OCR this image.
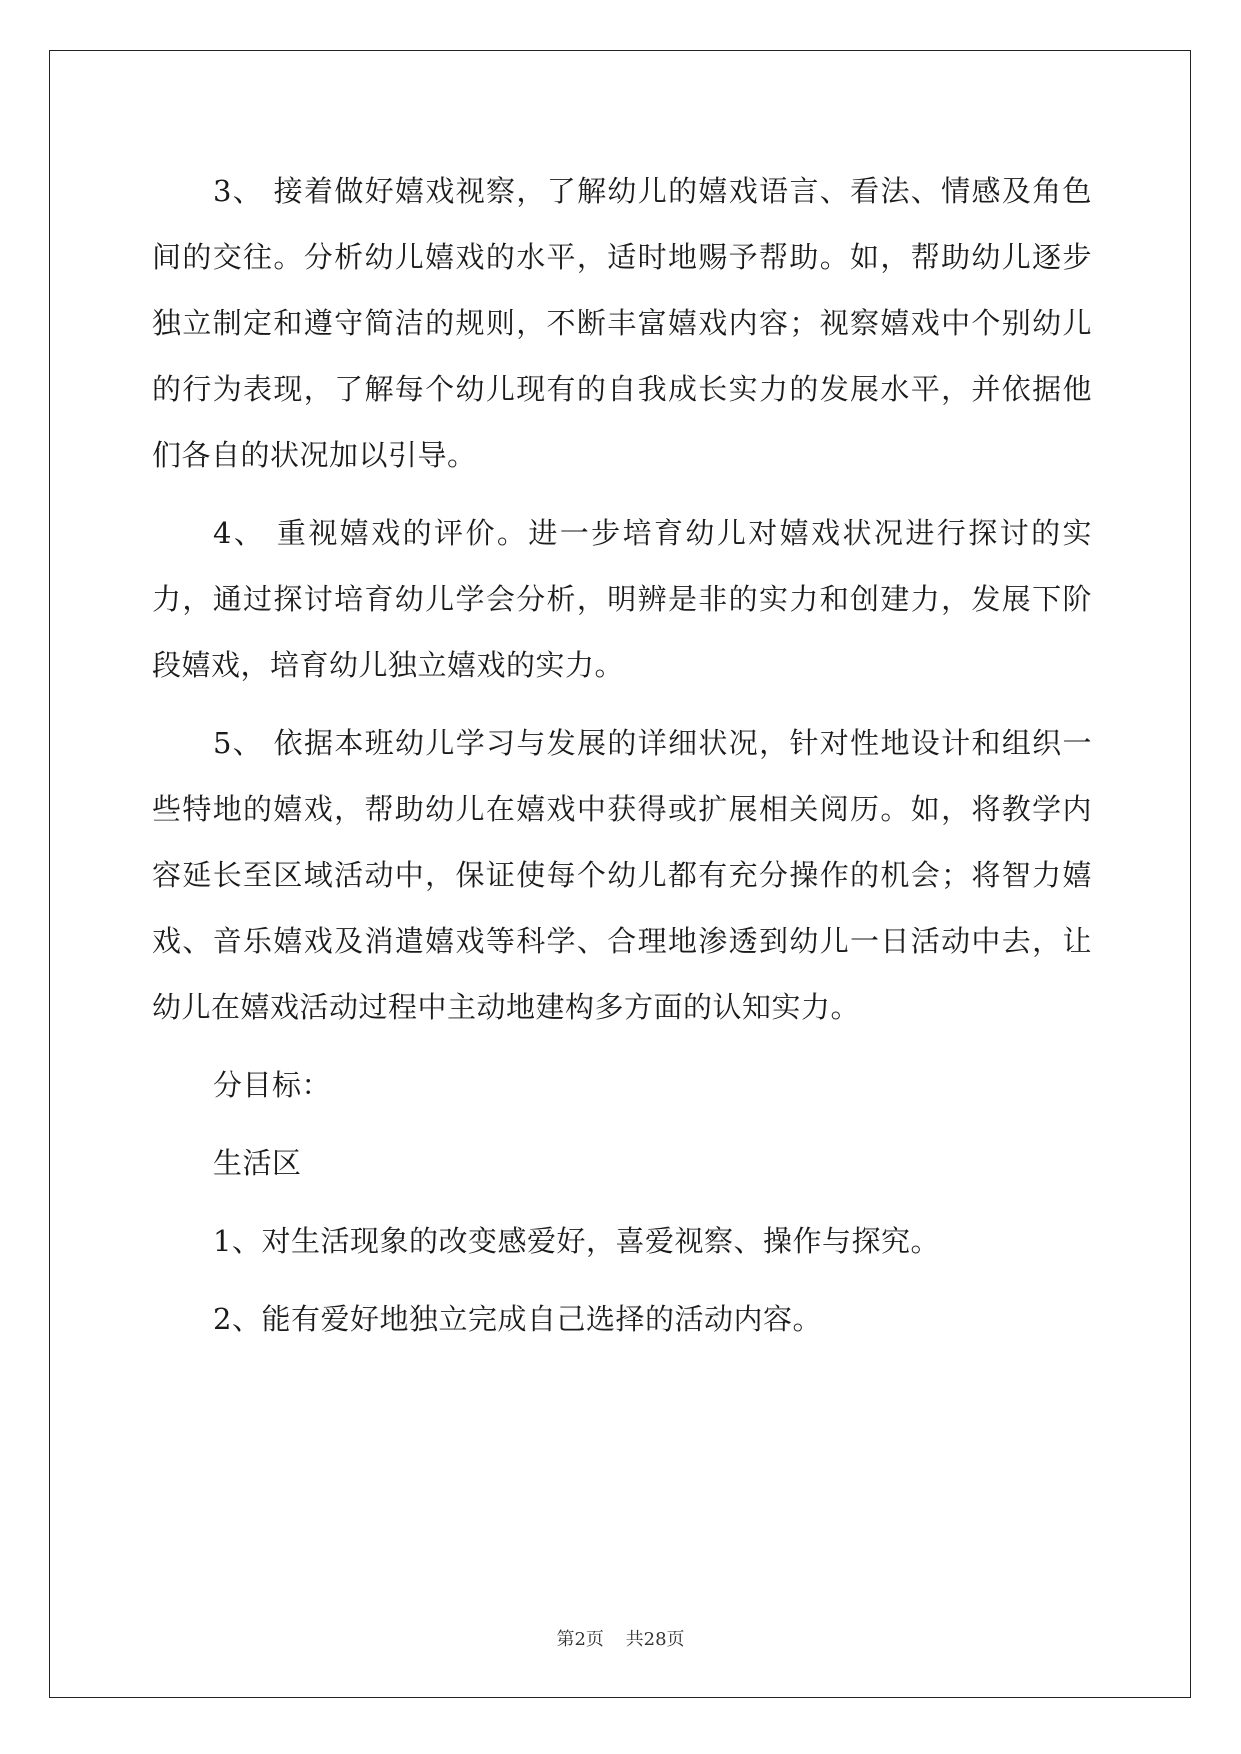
3、 接着做好嬉戏视察，了解幼儿的嬉戏语言、看法、情感及角色间的交往。分析幼儿嬉戏的水平，适时地赐予帮助。如，帮助幼儿逐步独立制定和遵守简洁的规则，不断丰富嬉戏内容；视察嬉戏中个别幼儿的行为表现，了解每个幼儿现有的自我成长实力的发展水平，并依据他们各自的状况加以引导。

4、 重视嬉戏的评价。进一步培育幼儿对嬉戏状况进行探讨的实力，通过探讨培育幼儿学会分析，明辨是非的实力和创建力，发展下阶段嬉戏，培育幼儿独立嬉戏的实力。

5、 依据本班幼儿学习与发展的详细状况，针对性地设计和组织一些特地的嬉戏，帮助幼儿在嬉戏中获得或扩展相关阅历。如，将教学内容延长至区域活动中，保证使每个幼儿都有充分操作的机会；将智力嬉戏、音乐嬉戏及消遣嬉戏等科学、合理地渗透到幼儿一日活动中去，让幼儿在嬉戏活动过程中主动地建构多方面的认知实力。

分目标：

生活区

1、对生活现象的改变感爱好，喜爱视察、操作与探究。

2、能有爱好地独立完成自己选择的活动内容。

第2页 共28页
